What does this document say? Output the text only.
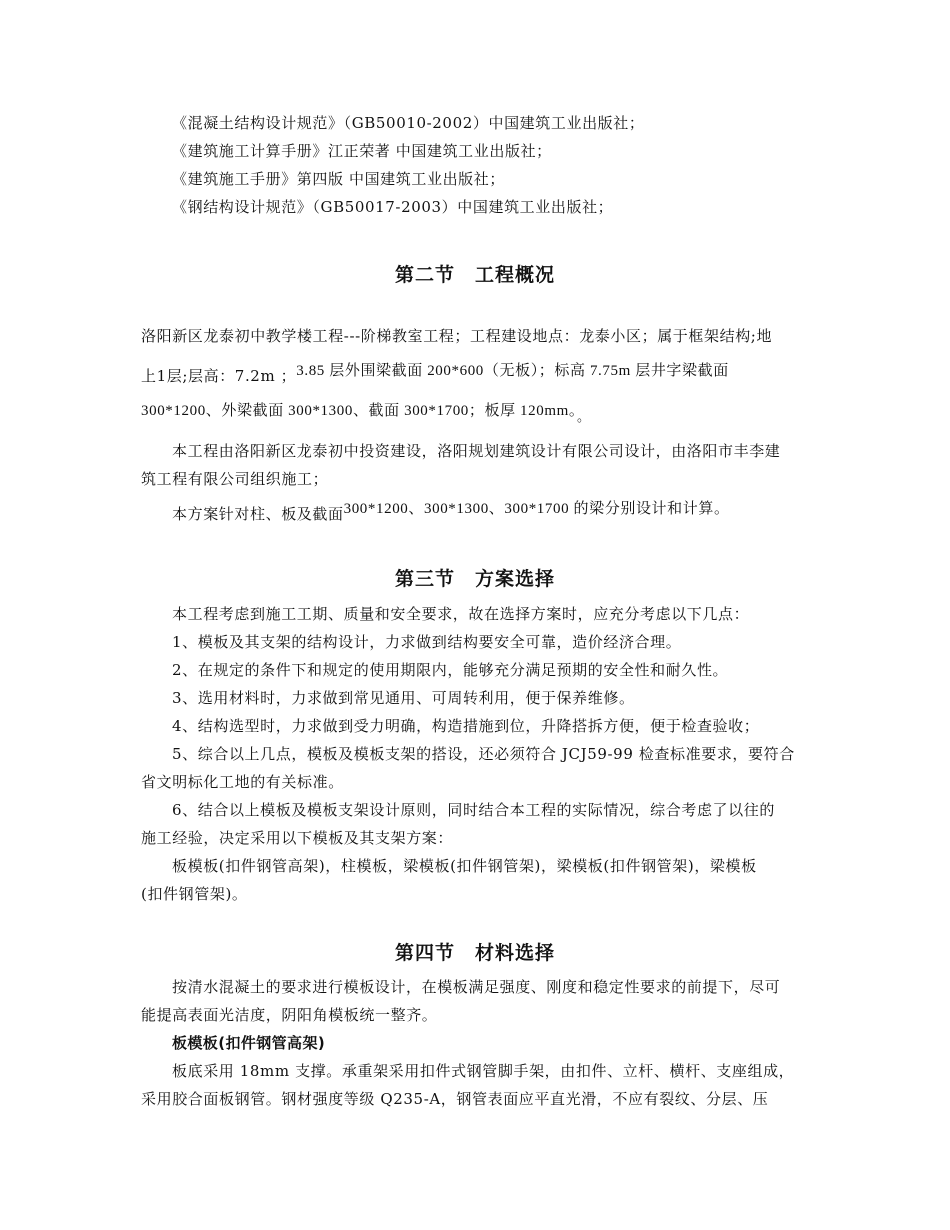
《混凝土结构设计规范》（GB50010-2002）中国建筑工业出版社；
《建筑施工计算手册》江正荣著 中国建筑工业出版社；
《建筑施工手册》第四版 中国建筑工业出版社；
《钢结构设计规范》（GB50017-2003）中国建筑工业出版社；
第二节　工程概况
洛阳新区龙泰初中教学楼工程---阶梯教室工程；工程建设地点：龙泰小区；属于框架结构;地
上1层;层高：7.2m ；3.85 层外围梁截面 200*600（无板）；标高 7.75m 层井字梁截面
300*1200、外梁截面 300*1300、截面 300*1700；板厚 120mm。。
本工程由洛阳新区龙泰初中投资建设，洛阳规划建筑设计有限公司设计，由洛阳市丰李建
筑工程有限公司组织施工；
本方案针对柱、板及截面300*1200、300*1300、300*1700 的梁分别设计和计算。
第三节　方案选择
本工程考虑到施工工期、质量和安全要求，故在选择方案时，应充分考虑以下几点：
1、模板及其支架的结构设计，力求做到结构要安全可靠，造价经济合理。
2、在规定的条件下和规定的使用期限内，能够充分满足预期的安全性和耐久性。
3、选用材料时，力求做到常见通用、可周转利用，便于保养维修。
4、结构选型时，力求做到受力明确，构造措施到位，升降搭拆方便，便于检查验收；
5、综合以上几点，模板及模板支架的搭设，还必须符合 JCJ59-99 检查标准要求，要符合
省文明标化工地的有关标准。
6、结合以上模板及模板支架设计原则，同时结合本工程的实际情况，综合考虑了以往的
施工经验，决定采用以下模板及其支架方案：
板模板(扣件钢管高架)，柱模板，梁模板(扣件钢管架)，梁模板(扣件钢管架)，梁模板
(扣件钢管架)。
第四节　材料选择
按清水混凝土的要求进行模板设计，在模板满足强度、刚度和稳定性要求的前提下，尽可
能提高表面光洁度，阴阳角模板统一整齐。
板模板(扣件钢管高架)
板底采用 18mm 支撑。承重架采用扣件式钢管脚手架，由扣件、立杆、横杆、支座组成，
采用胶合面板钢管。钢材强度等级 Q235-A，钢管表面应平直光滑，不应有裂纹、分层、压
